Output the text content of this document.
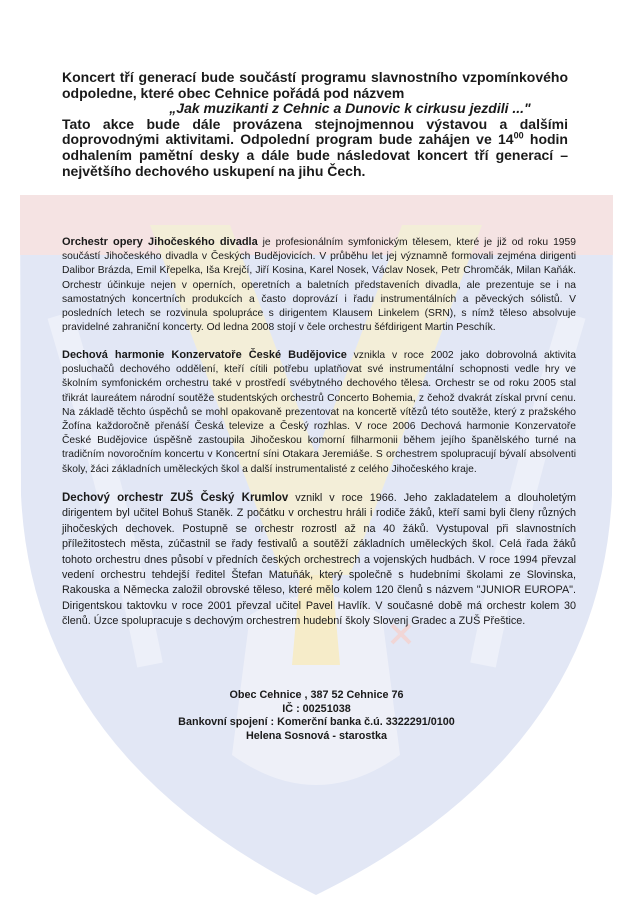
Koncert tří generací bude součástí programu slavnostního vzpomínkového odpoledne, které obec Cehnice pořádá pod názvem
„Jak muzikanti z Cehnic a Dunovic k cirkusu jezdili ..."

Tato akce bude dále provázena stejnojmennou výstavou a dalšími doprovodnými aktivitami. Odpolední program bude zahájen ve $14^{00}$ hodin odhalením pamětní desky a dále bude následovat koncert tří generací – největšího dechového uskupení na jihu Čech.

Orchestr opery Jihočeského divadla je profesionálním symfonickým tělesem, které je již od roku 1959 součástí Jihočeského divadla v Českých Budějovicích. V průběhu let jej významně formovali zejména dirigenti Dalibor Brázda, Emil Křepelka, Iša Krejčí, Jiří Kosina, Karel Nosek, Václav Nosek, Petr Chromčák, Milan Kaňák. Orchestr účinkuje nejen v operních, operetních a baletních představeních divadla, ale prezentuje se i na samostatných koncertních produkcích a často doprovází i řadu instrumentálních a pěveckých sólistů. V posledních letech se rozvinula spolupráce s dirigentem Klausem Linkelem (SRN), s nímž těleso absolvuje pravidelné zahraniční koncerty. Od ledna 2008 stojí v čele orchestru šéfdirigent Martin Peschík.
Dechová harmonie Konzervatoře České Budějovice vznikla v roce 2002 jako dobrovolná aktivita posluchačů dechového oddělení, kteří cítili potřebu uplatňovat své instrumentální schopnosti vedle hry ve školním symfonickém orchestru také v prostředí svébytného dechového tělesa. Orchestr se od roku 2005 stal třikrát laureátem národní soutěže studentských orchestrů Concerto Bohemia, z čehož dvakrát získal první cenu. Na základě těchto úspěchů se mohl opakovaně prezentovat na koncertě vítězů této soutěže, který z pražského Žofína každoročně přenáší Česká televize a Český rozhlas. V roce 2006 Dechová harmonie Konzervatoře České Budějovice úspěšně zastoupila Jihočeskou komorní filharmonii během jejího španělského turné na tradičním novoročním koncertu v Koncertní síni Otakara Jeremiáše. S orchestrem spolupracují bývalí absolventi školy, žáci základních uměleckých škol a další instrumentalisté z celého Jihočeského kraje.
Dechový orchestr ZUŠ Český Krumlov vznikl v roce 1966. Jeho zakladatelem a dlouholetým dirigentem byl učitel Bohuš Staněk. Z počátku v orchestru hráli i rodiče žáků, kteří sami byli členy různých jihočeských dechovek. Postupně se orchestr rozrostl až na 40 žáků. Vystupoval při slavnostních příležitostech města, zúčastnil se řady festivalů a soutěží základních uměleckých škol. Celá řada žáků tohoto orchestru dnes působí v předních českých orchestrech a vojenských hudbách. V roce 1994 převzal vedení orchestru tehdejší ředitel Štefan Matuňák, který společně s hudebními školami ze Slovinska, Rakouska a Německa založil obrovské těleso, které mělo kolem 120 členů s názvem "JUNIOR EUROPA". Dirigentskou taktovku v roce 2001 převzal učitel Pavel Havlík. V současné době má orchestr kolem 30 členů. Úzce spolupracuje s dechovým orchestrem hudební školy Slovenj Gradec a ZUŠ Přeštice.
Obec Cehnice , 387 52 Cehnice 76
IČ : 00251038
Bankovní spojení : Komerční banka č.ú. 3322291/0100
Helena Sosnová - starostka
